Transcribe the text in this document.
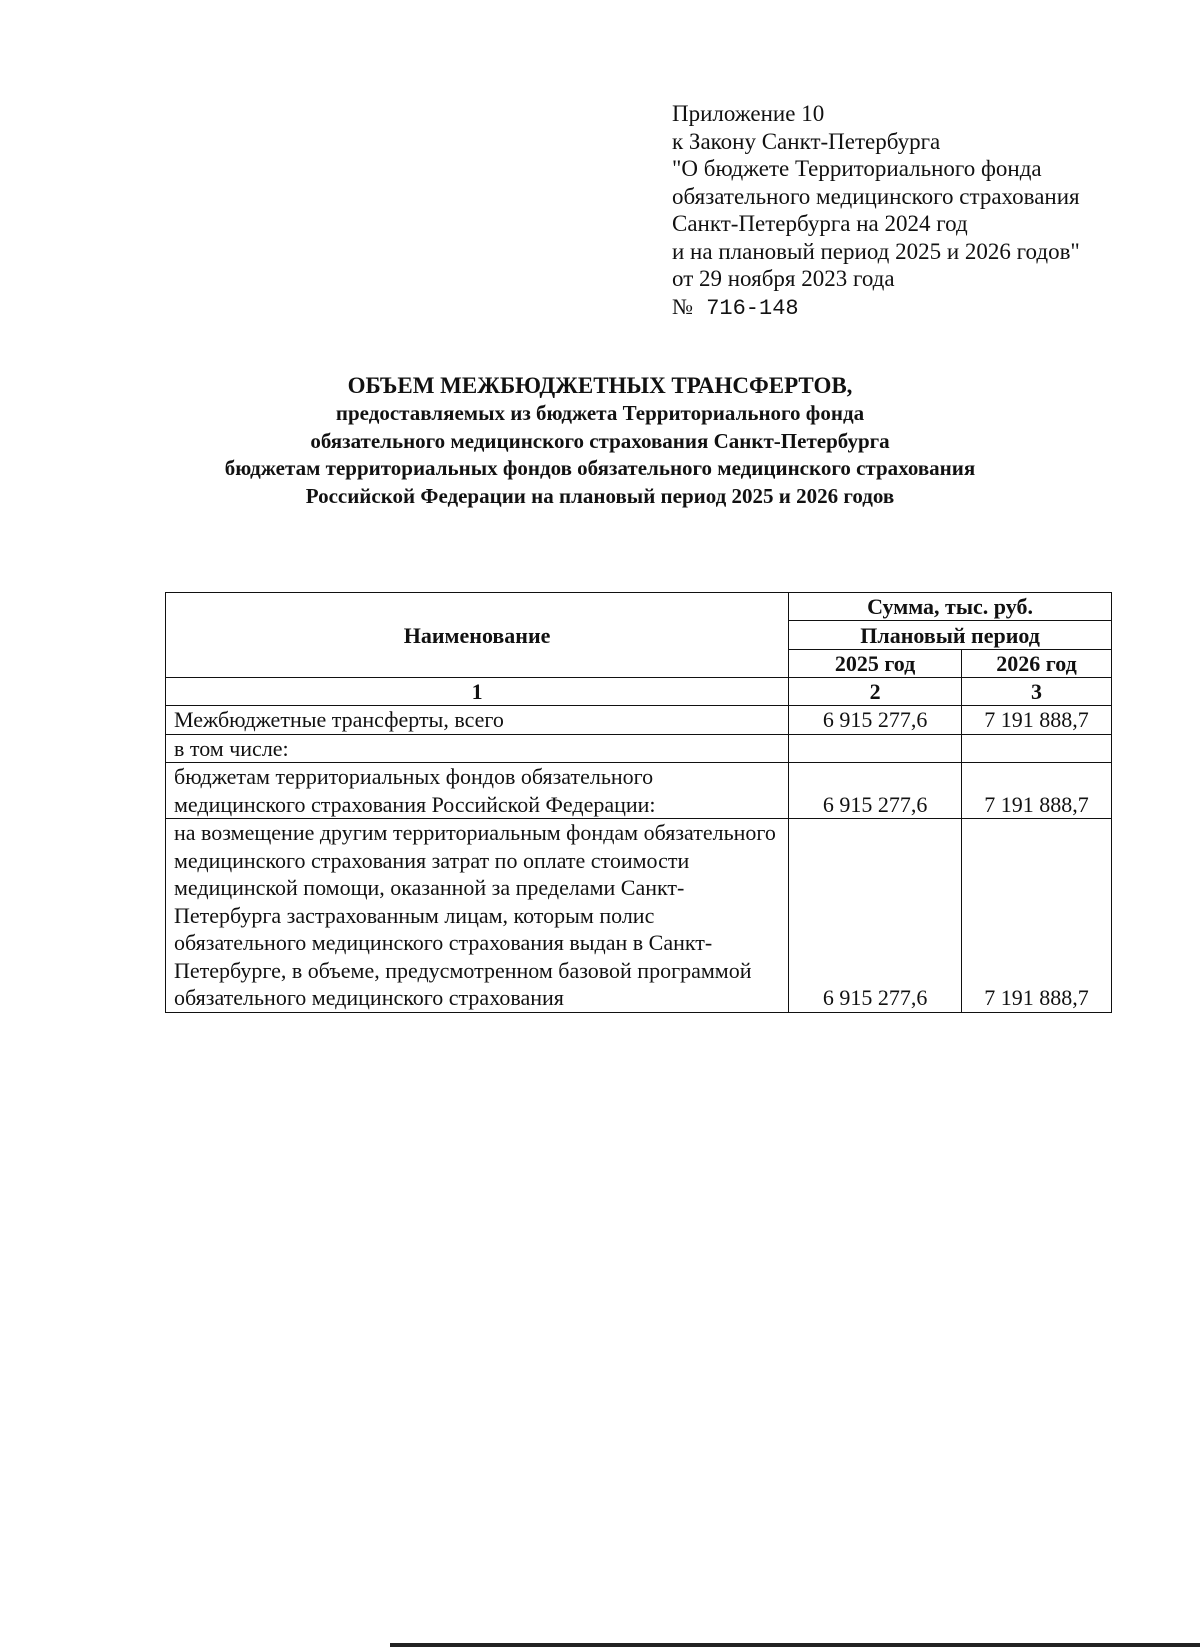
Приложение 10
к Закону Санкт-Петербурга
"О бюджете Территориального фонда
обязательного медицинского страхования
Санкт-Петербурга на 2024 год
и на плановый период 2025 и 2026 годов"
от 29 ноября 2023 года
№ 716-148
ОБЪЕМ МЕЖБЮДЖЕТНЫХ ТРАНСФЕРТОВ,
предоставляемых из бюджета Территориального фонда
обязательного медицинского страхования Санкт-Петербурга
бюджетам территориальных фондов обязательного медицинского страхования
Российской Федерации на плановый период 2025 и 2026 годов
Наименование	Сумма, тыс. руб.	
	Плановый период	
	2025 год	2026 год
1	2	3
Межбюджетные трансферты, всего	6 915 277,6	7 191 888,7
в том числе:		
бюджетам территориальных фондов обязательного медицинского страхования Российской Федерации:	6 915 277,6	7 191 888,7
на возмещение другим территориальным фондам обязательного медицинского страхования затрат по оплате стоимости медицинской помощи, оказанной за пределами Санкт-Петербурга застрахованным лицам, которым полис обязательного медицинского страхования выдан в Санкт-Петербурге, в объеме, предусмотренном базовой программой обязательного медицинского страхования	6 915 277,6	7 191 888,7
